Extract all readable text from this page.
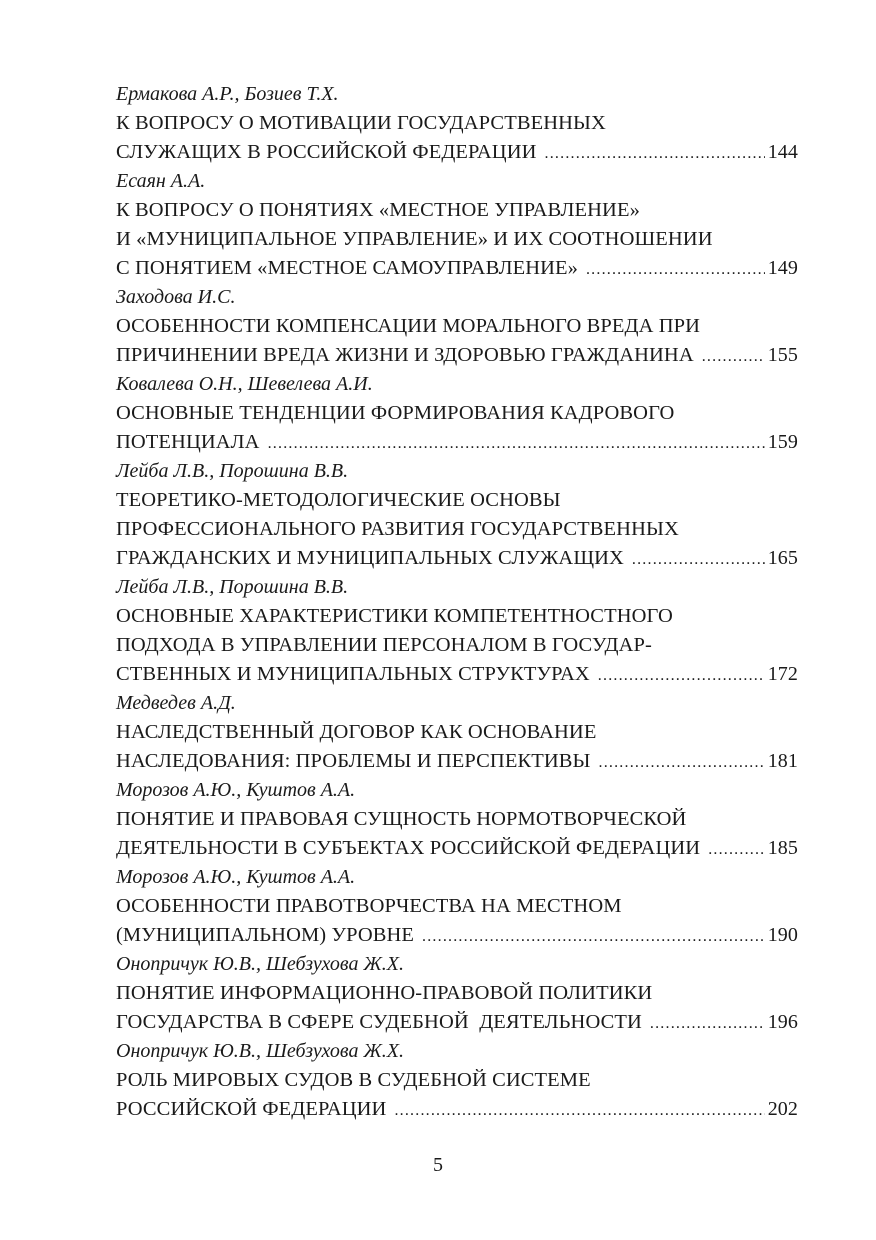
Ермакова А.Р., Бозиев Т.Х.
К ВОПРОСУ О МОТИВАЦИИ ГОСУДАРСТВЕННЫХ
СЛУЖАЩИХ В РОССИЙСКОЙ ФЕДЕРАЦИИ .....	144
Есаян А.А.
К ВОПРОСУ О ПОНЯТИЯХ «МЕСТНОЕ УПРАВЛЕНИЕ»
И «МУНИЦИПАЛЬНОЕ УПРАВЛЕНИЕ» И ИХ СООТНОШЕНИИ
С ПОНЯТИЕМ «МЕСТНОЕ САМОУПРАВЛЕНИЕ» .....	149
Заходова И.С.
ОСОБЕННОСТИ КОМПЕНСАЦИИ МОРАЛЬНОГО ВРЕДА ПРИ
ПРИЧИНЕНИИ ВРЕДА ЖИЗНИ И ЗДОРОВЬЮ ГРАЖДАНИНА .....	155
Ковалева О.Н., Шевелева А.И.
ОСНОВНЫЕ ТЕНДЕНЦИИ ФОРМИРОВАНИЯ КАДРОВОГО
ПОТЕНЦИАЛА .....	159
Лейба Л.В., Порошина В.В.
ТЕОРЕТИКО-МЕТОДОЛОГИЧЕСКИЕ ОСНОВЫ
ПРОФЕССИОНАЛЬНОГО РАЗВИТИЯ ГОСУДАРСТВЕННЫХ
ГРАЖДАНСКИХ И МУНИЦИПАЛЬНЫХ СЛУЖАЩИХ .....	165
Лейба Л.В., Порошина В.В.
ОСНОВНЫЕ ХАРАКТЕРИСТИКИ КОМПЕТЕНТНОСТНОГО
ПОДХОДА В УПРАВЛЕНИИ ПЕРСОНАЛОМ В ГОСУДАР-
СТВЕННЫХ И МУНИЦИПАЛЬНЫХ СТРУКТУРАХ .....	172
Медведев А.Д.
НАСЛЕДСТВЕННЫЙ ДОГОВОР КАК ОСНОВАНИЕ
НАСЛЕДОВАНИЯ: ПРОБЛЕМЫ И ПЕРСПЕКТИВЫ .....	181
Морозов А.Ю., Куштов А.А.
ПОНЯТИЕ И ПРАВОВАЯ СУЩНОСТЬ НОРМОТВОРЧЕСКОЙ
ДЕЯТЕЛЬНОСТИ В СУБЪЕКТАХ РОССИЙСКОЙ ФЕДЕРАЦИИ .....	185
Морозов А.Ю., Куштов А.А.
ОСОБЕННОСТИ ПРАВОТВОРЧЕСТВА НА МЕСТНОМ
(МУНИЦИПАЛЬНОМ) УРОВНЕ .....	190
Онопричук Ю.В., Шебзухова Ж.Х.
ПОНЯТИЕ ИНФОРМАЦИОННО-ПРАВОВОЙ ПОЛИТИКИ
ГОСУДАРСТВА В СФЕРЕ СУДЕБНОЙ  ДЕЯТЕЛЬНОСТИ .....	196
Онопричук Ю.В., Шебзухова Ж.Х.
РОЛЬ МИРОВЫХ СУДОВ В СУДЕБНОЙ СИСТЕМЕ
РОССИЙСКОЙ ФЕДЕРАЦИИ .....	202
5
